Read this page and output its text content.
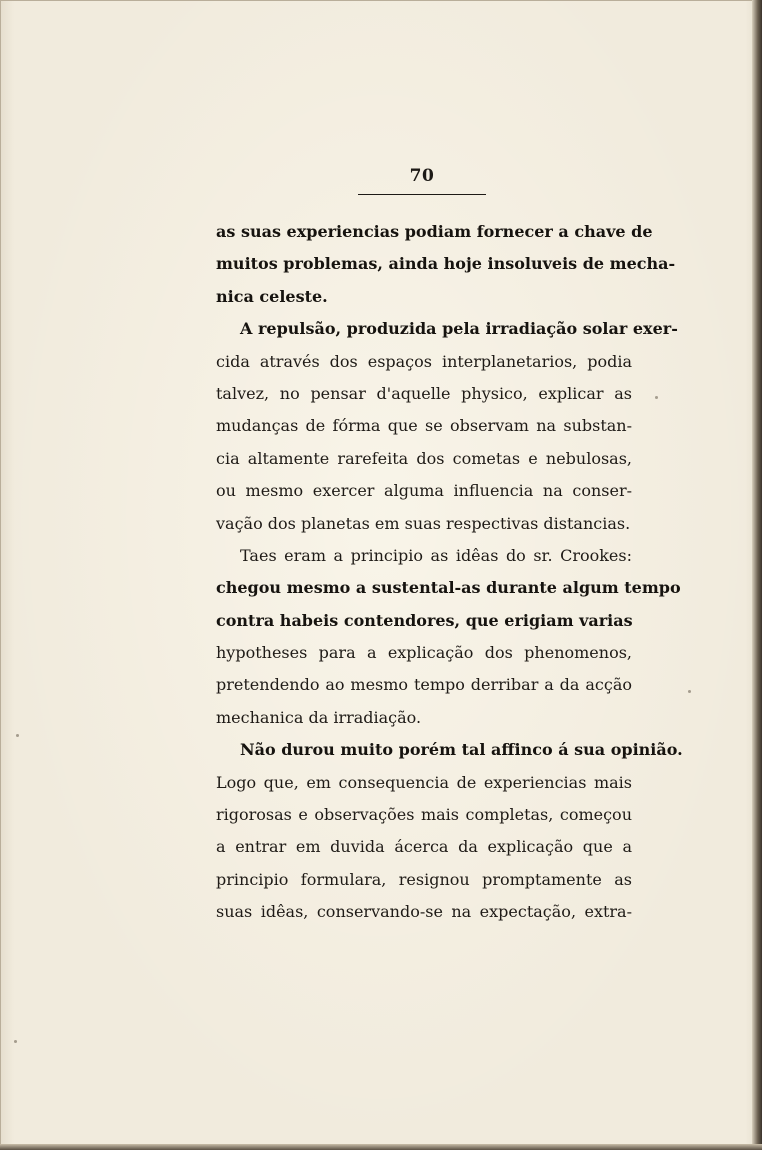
70
as suas experiencias podiam fornecer a chave de
muitos problemas, ainda hoje insoluveis de mecha-
nica celeste.
A repulsão, produzida pela irradiação solar exer-
cida através dos espaços interplanetarios, podia
talvez, no pensar d'aquelle physico, explicar as
mudanças de fórma que se observam na substan-
cia altamente rarefeita dos cometas e nebulosas,
ou mesmo exercer alguma influencia na conser-
vação dos planetas em suas respectivas distancias.
Taes eram a principio as idêas do sr. Crookes:
chegou mesmo a sustental-as durante algum tempo
contra habeis contendores, que erigiam varias
hypotheses para a explicação dos phenomenos,
pretendendo ao mesmo tempo derribar a da acção
mechanica da irradiação.
Não durou muito porém tal affinco á sua opinião.
Logo que, em consequencia de experiencias mais
rigorosas e observações mais completas, começou
a entrar em duvida ácerca da explicação que a
principio formulara, resignou promptamente as
suas idêas, conservando-se na expectação, extra-
